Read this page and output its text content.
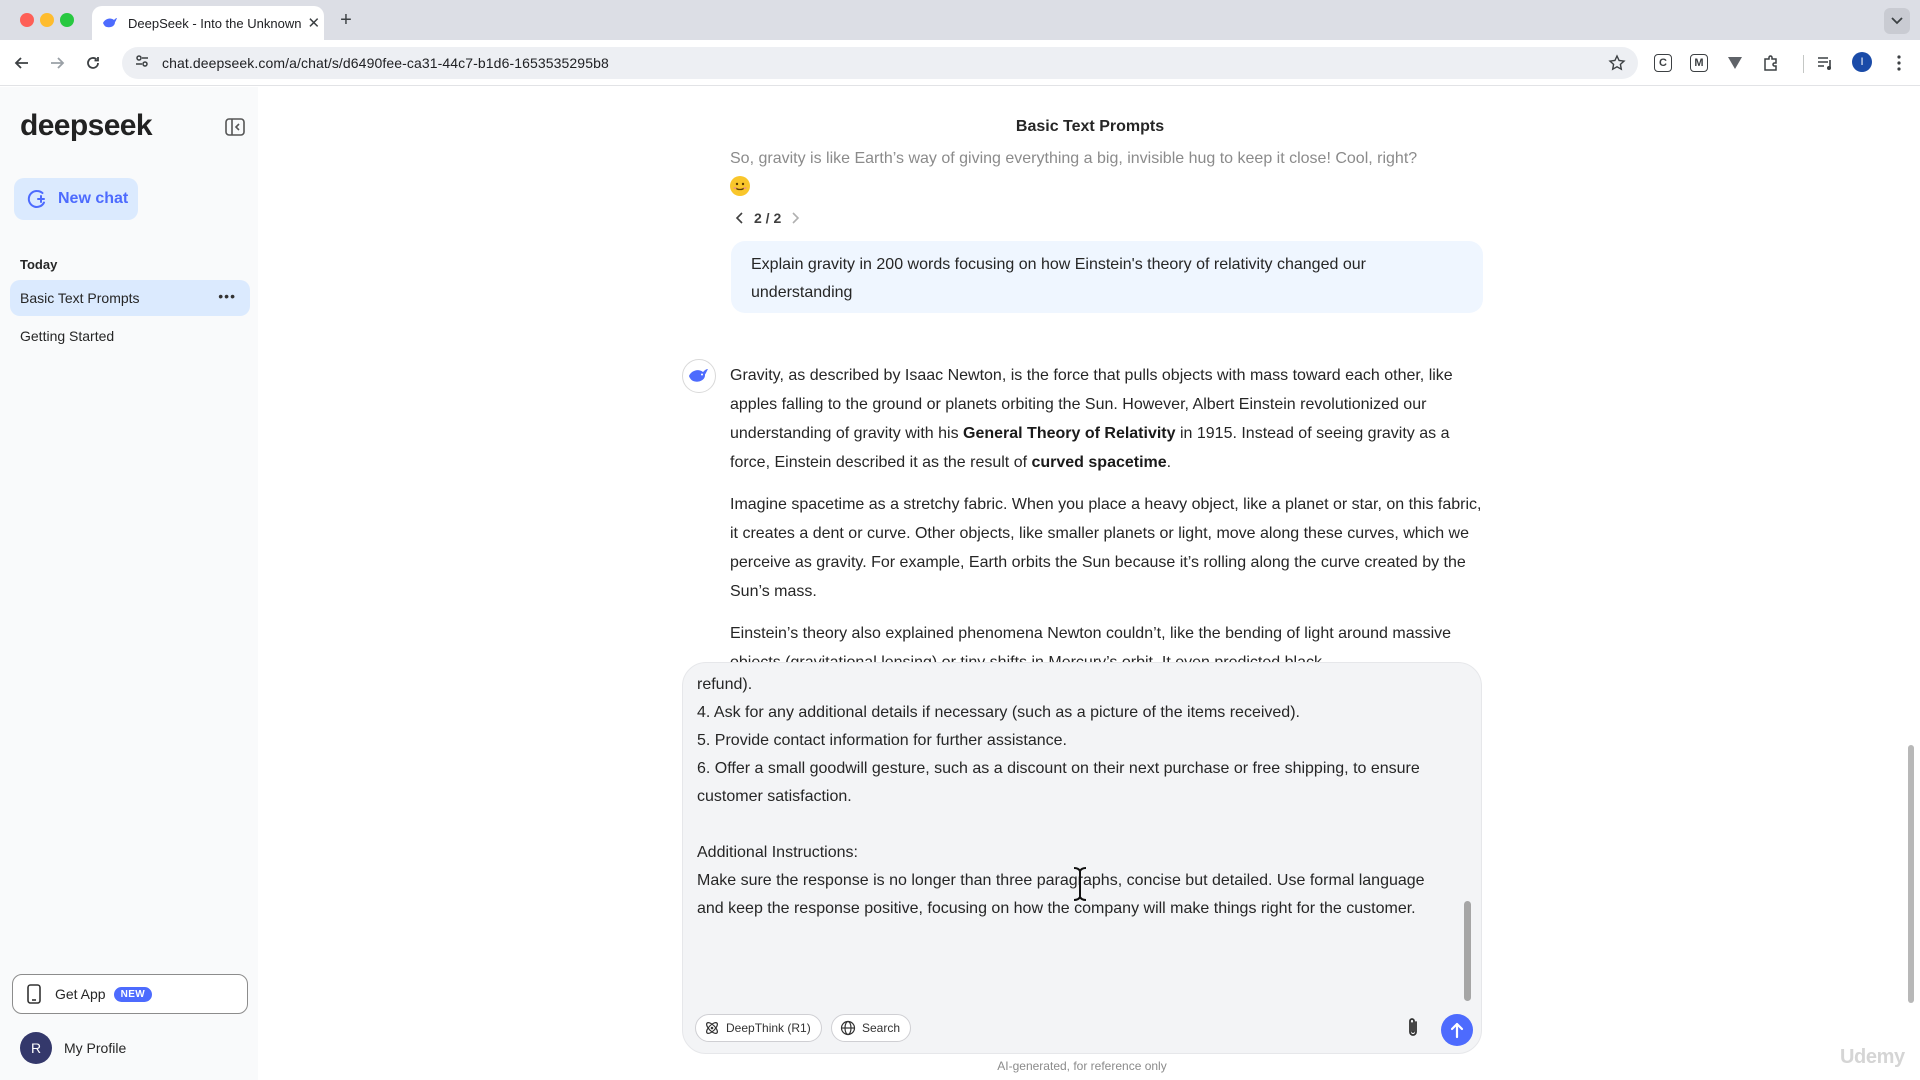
DeepSeek - Into the Unknown ✕ +
chat.deepseek.com/a/chat/s/d6490fee-ca31-44c7-b1d6-1653535295b8	C	M	I
deepseek
New chat
Today
Basic Text Prompts	•••
Getting Started
Get App	NEW
R	My Profile
Basic Text Prompts
So, gravity is like Earth’s way of giving everything a big, invisible hug to keep it close! Cool, right?

2 / 2
Explain gravity in 200 words focusing on how Einstein's theory of relativity changed our understanding

Gravity, as described by Isaac Newton, is the force that pulls objects with mass toward each other, like apples falling to the ground or planets orbiting the Sun. However, Albert Einstein revolutionized our understanding of gravity with his General Theory of Relativity in 1915. Instead of seeing gravity as a force, Einstein described it as the result of curved spacetime.

Imagine spacetime as a stretchy fabric. When you place a heavy object, like a planet or star, on this fabric, it creates a dent or curve. Other objects, like smaller planets or light, move along these curves, which we perceive as gravity. For example, Earth orbits the Sun because it’s rolling along the curve created by the Sun’s mass.

Einstein’s theory also explained phenomena Newton couldn’t, like the bending of light around massive

refund).
4. Ask for any additional details if necessary (such as a picture of the items received).
5. Provide contact information for further assistance.
6. Offer a small goodwill gesture, such as a discount on their next purchase or free shipping, to ensure customer satisfaction.

Additional Instructions:
Make sure the response is no longer than three paragraphs, concise but detailed. Use formal language and keep the response positive, focusing on how the company will make things right for the customer.
DeepThink (R1)	Search
AI-generated, for reference only	Udemy
